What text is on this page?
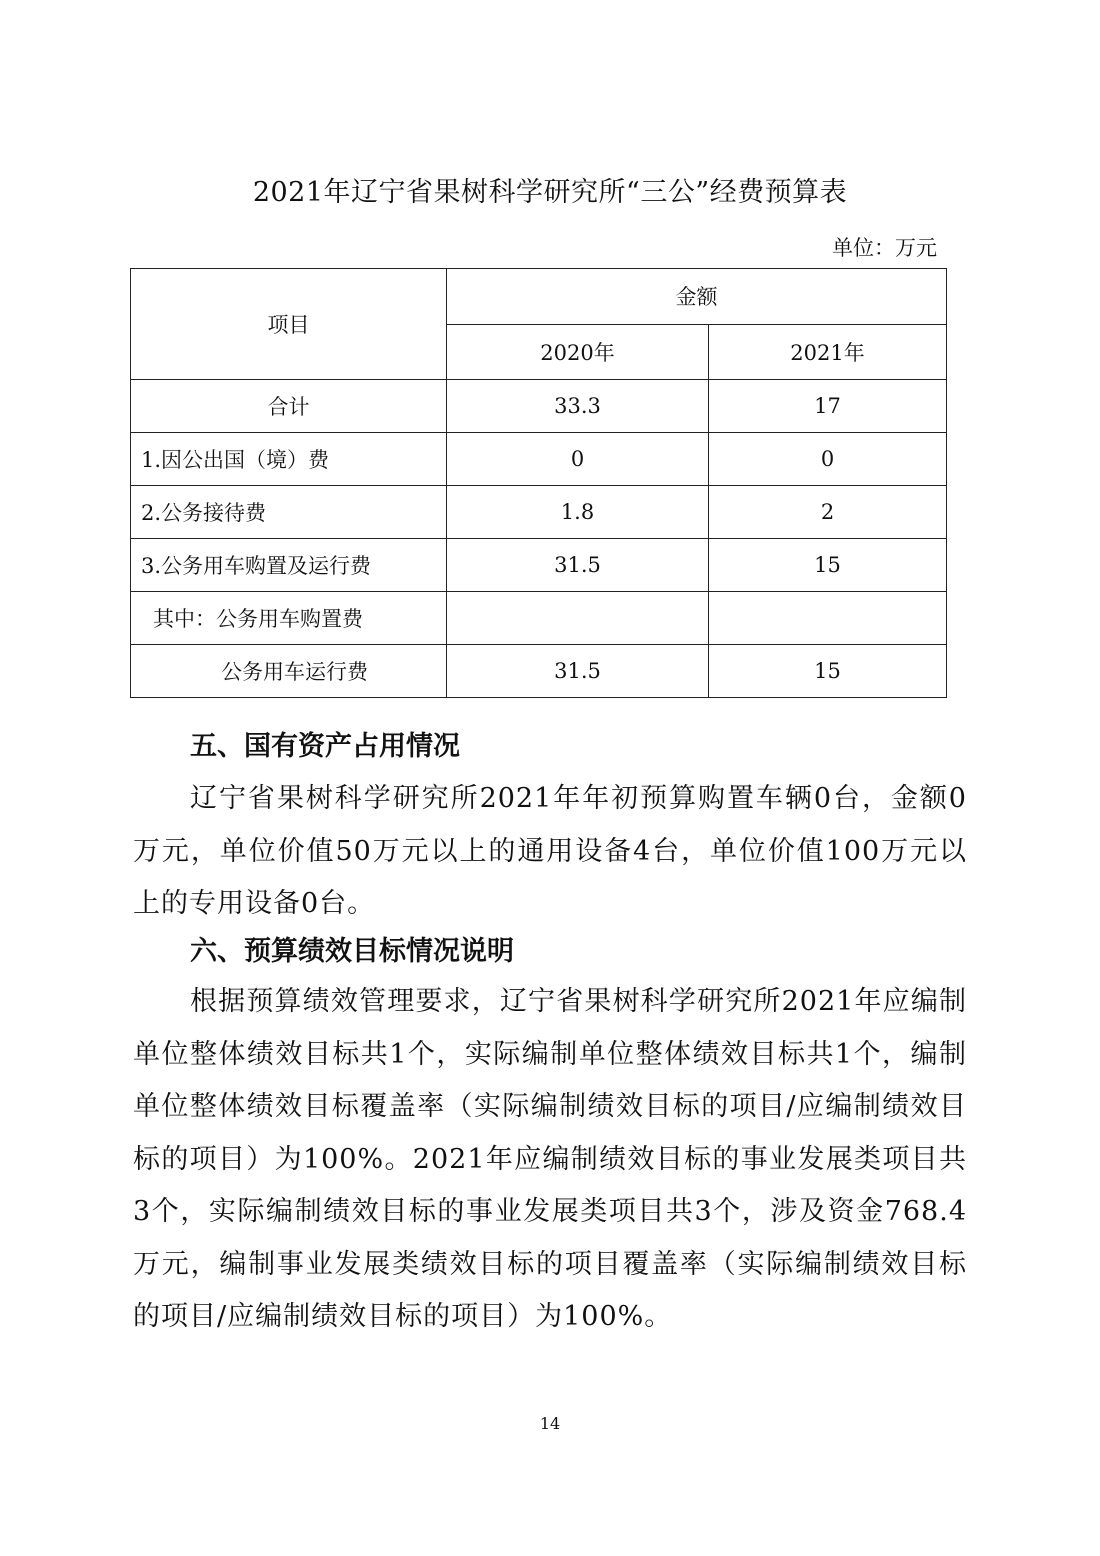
2021年辽宁省果树科学研究所“三公”经费预算表
单位：万元
项目	金额	
	2020年	2021年
合计	33.3	17
1.因公出国（境）费	0	0
2.公务接待费	1.8	2
3.公务用车购置及运行费	31.5	15
其中：公务用车购置费		
公务用车运行费	31.5	15
五、国有资产占用情况

辽宁省果树科学研究所2021年年初预算购置车辆0台，金额0万元，单位价值50万元以上的通用设备4台，单位价值100万元以上的专用设备0台。

六、预算绩效目标情况说明

根据预算绩效管理要求，辽宁省果树科学研究所2021年应编制单位整体绩效目标共1个，实际编制单位整体绩效目标共1个，编制单位整体绩效目标覆盖率（实际编制绩效目标的项目/应编制绩效目标的项目）为100%。2021年应编制绩效目标的事业发展类项目共3个，实际编制绩效目标的事业发展类项目共3个，涉及资金768.4万元，编制事业发展类绩效目标的项目覆盖率（实际编制绩效目标的项目/应编制绩效目标的项目）为100%。

14
